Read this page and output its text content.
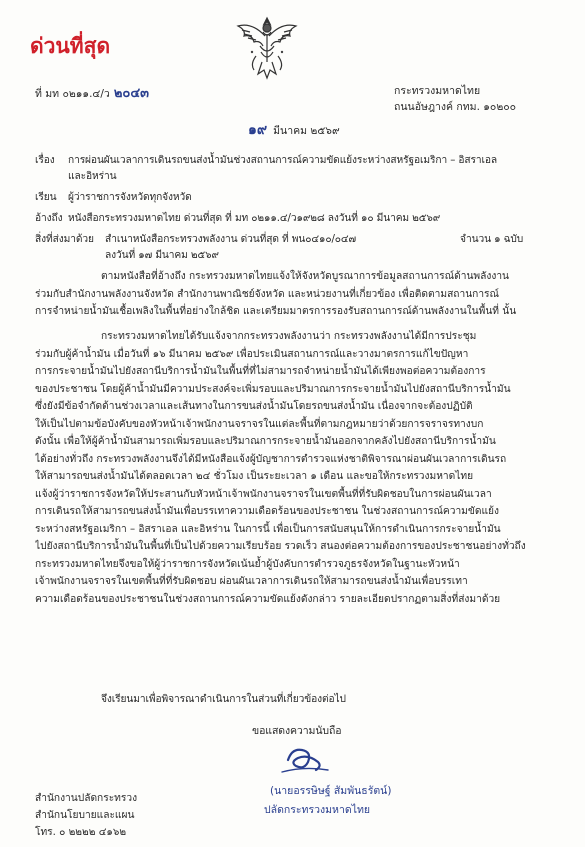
ด่วนที่สุด
ที่ มท ๐๒๑๑.๔/ว ๒๐๔๓	กระทรวงมหาดไทย
ถนนอัษฎางค์ กทม. ๑๐๒๐๐
๑๙ มีนาคม ๒๕๖๙
เรื่อง การผ่อนผันเวลาการเดินรถขนส่งน้ำมันช่วงสถานการณ์ความขัดแย้งระหว่างสหรัฐอเมริกา – อิสราเอล
และอิหร่าน
เรียน ผู้ว่าราชการจังหวัดทุกจังหวัด
อ้างถึง หนังสือกระทรวงมหาดไทย ด่วนที่สุด ที่ มท ๐๒๑๑.๔/ว๑๙๒๘ ลงวันที่ ๑๐ มีนาคม ๒๕๖๙
สิ่งที่ส่งมาด้วย สำเนาหนังสือกระทรวงพลังงาน ด่วนที่สุด ที่ พน๐๔๑๐/๐๔๗	จำนวน ๑ ฉบับ
ลงวันที่ ๑๗ มีนาคม ๒๕๖๙
ตามหนังสือที่อ้างถึง กระทรวงมหาดไทยแจ้งให้จังหวัดบูรณาการข้อมูลสถานการณ์ด้านพลังงาน
ร่วมกับสำนักงานพลังงานจังหวัด สำนักงานพาณิชย์จังหวัด และหน่วยงานที่เกี่ยวข้อง เพื่อติดตามสถานการณ์
การจำหน่ายน้ำมันเชื้อเพลิงในพื้นที่อย่างใกล้ชิด และเตรียมมาตรการรองรับสถานการณ์ด้านพลังงานในพื้นที่ นั้น
กระทรวงมหาดไทยได้รับแจ้งจากกระทรวงพลังงานว่า กระทรวงพลังงานได้มีการประชุม
ร่วมกับผู้ค้าน้ำมัน เมื่อวันที่ ๑๖ มีนาคม ๒๕๖๙ เพื่อประเมินสถานการณ์และวางมาตรการแก้ไขปัญหา
การกระจายน้ำมันไปยังสถานีบริการน้ำมันในพื้นที่ที่ไม่สามารถจำหน่ายน้ำมันได้เพียงพอต่อความต้องการ
ของประชาชน โดยผู้ค้าน้ำมันมีความประสงค์จะเพิ่มรอบและปริมาณการกระจายน้ำมันไปยังสถานีบริการน้ำมัน
ซึ่งยังมีข้อจำกัดด้านช่วงเวลาและเส้นทางในการขนส่งน้ำมันโดยรถขนส่งน้ำมัน เนื่องจากจะต้องปฏิบัติ
ให้เป็นไปตามข้อบังคับของหัวหน้าเจ้าพนักงานจราจรในแต่ละพื้นที่ตามกฎหมายว่าด้วยการจราจรทางบก
ดังนั้น เพื่อให้ผู้ค้าน้ำมันสามารถเพิ่มรอบและปริมาณการกระจายน้ำมันออกจากคลังไปยังสถานีบริการน้ำมัน
ได้อย่างทั่วถึง กระทรวงพลังงานจึงได้มีหนังสือแจ้งผู้บัญชาการตำรวจแห่งชาติพิจารณาผ่อนผันเวลาการเดินรถ
ให้สามารถขนส่งน้ำมันได้ตลอดเวลา ๒๔ ชั่วโมง เป็นระยะเวลา ๑ เดือน และขอให้กระทรวงมหาดไทย
แจ้งผู้ว่าราชการจังหวัดให้ประสานกับหัวหน้าเจ้าพนักงานจราจรในเขตพื้นที่ที่รับผิดชอบในการผ่อนผันเวลา
การเดินรถให้สามารถขนส่งน้ำมันเพื่อบรรเทาความเดือดร้อนของประชาชน ในช่วงสถานการณ์ความขัดแย้ง
ระหว่างสหรัฐอเมริกา – อิสราเอล และอิหร่าน ในการนี้ เพื่อเป็นการสนับสนุนให้การดำเนินการกระจายน้ำมัน
ไปยังสถานีบริการน้ำมันในพื้นที่เป็นไปด้วยความเรียบร้อย รวดเร็ว สนองต่อความต้องการของประชาชนอย่างทั่วถึง
กระทรวงมหาดไทยจึงขอให้ผู้ว่าราชการจังหวัดเน้นย้ำผู้บังคับการตำรวจภูธรจังหวัดในฐานะหัวหน้า
เจ้าพนักงานจราจรในเขตพื้นที่ที่รับผิดชอบ ผ่อนผันเวลาการเดินรถให้สามารถขนส่งน้ำมันเพื่อบรรเทา
ความเดือดร้อนของประชาชนในช่วงสถานการณ์ความขัดแย้งดังกล่าว รายละเอียดปรากฏตามสิ่งที่ส่งมาด้วย
จึงเรียนมาเพื่อพิจารณาดำเนินการในส่วนที่เกี่ยวข้องต่อไป
ขอแสดงความนับถือ
(นายอรรษิษฐ์ สัมพันธรัตน์)
ปลัดกระทรวงมหาดไทย
สำนักงานปลัดกระทรวง
สำนักนโยบายและแผน
โทร. ๐ ๒๒๒๒ ๔๑๖๒
